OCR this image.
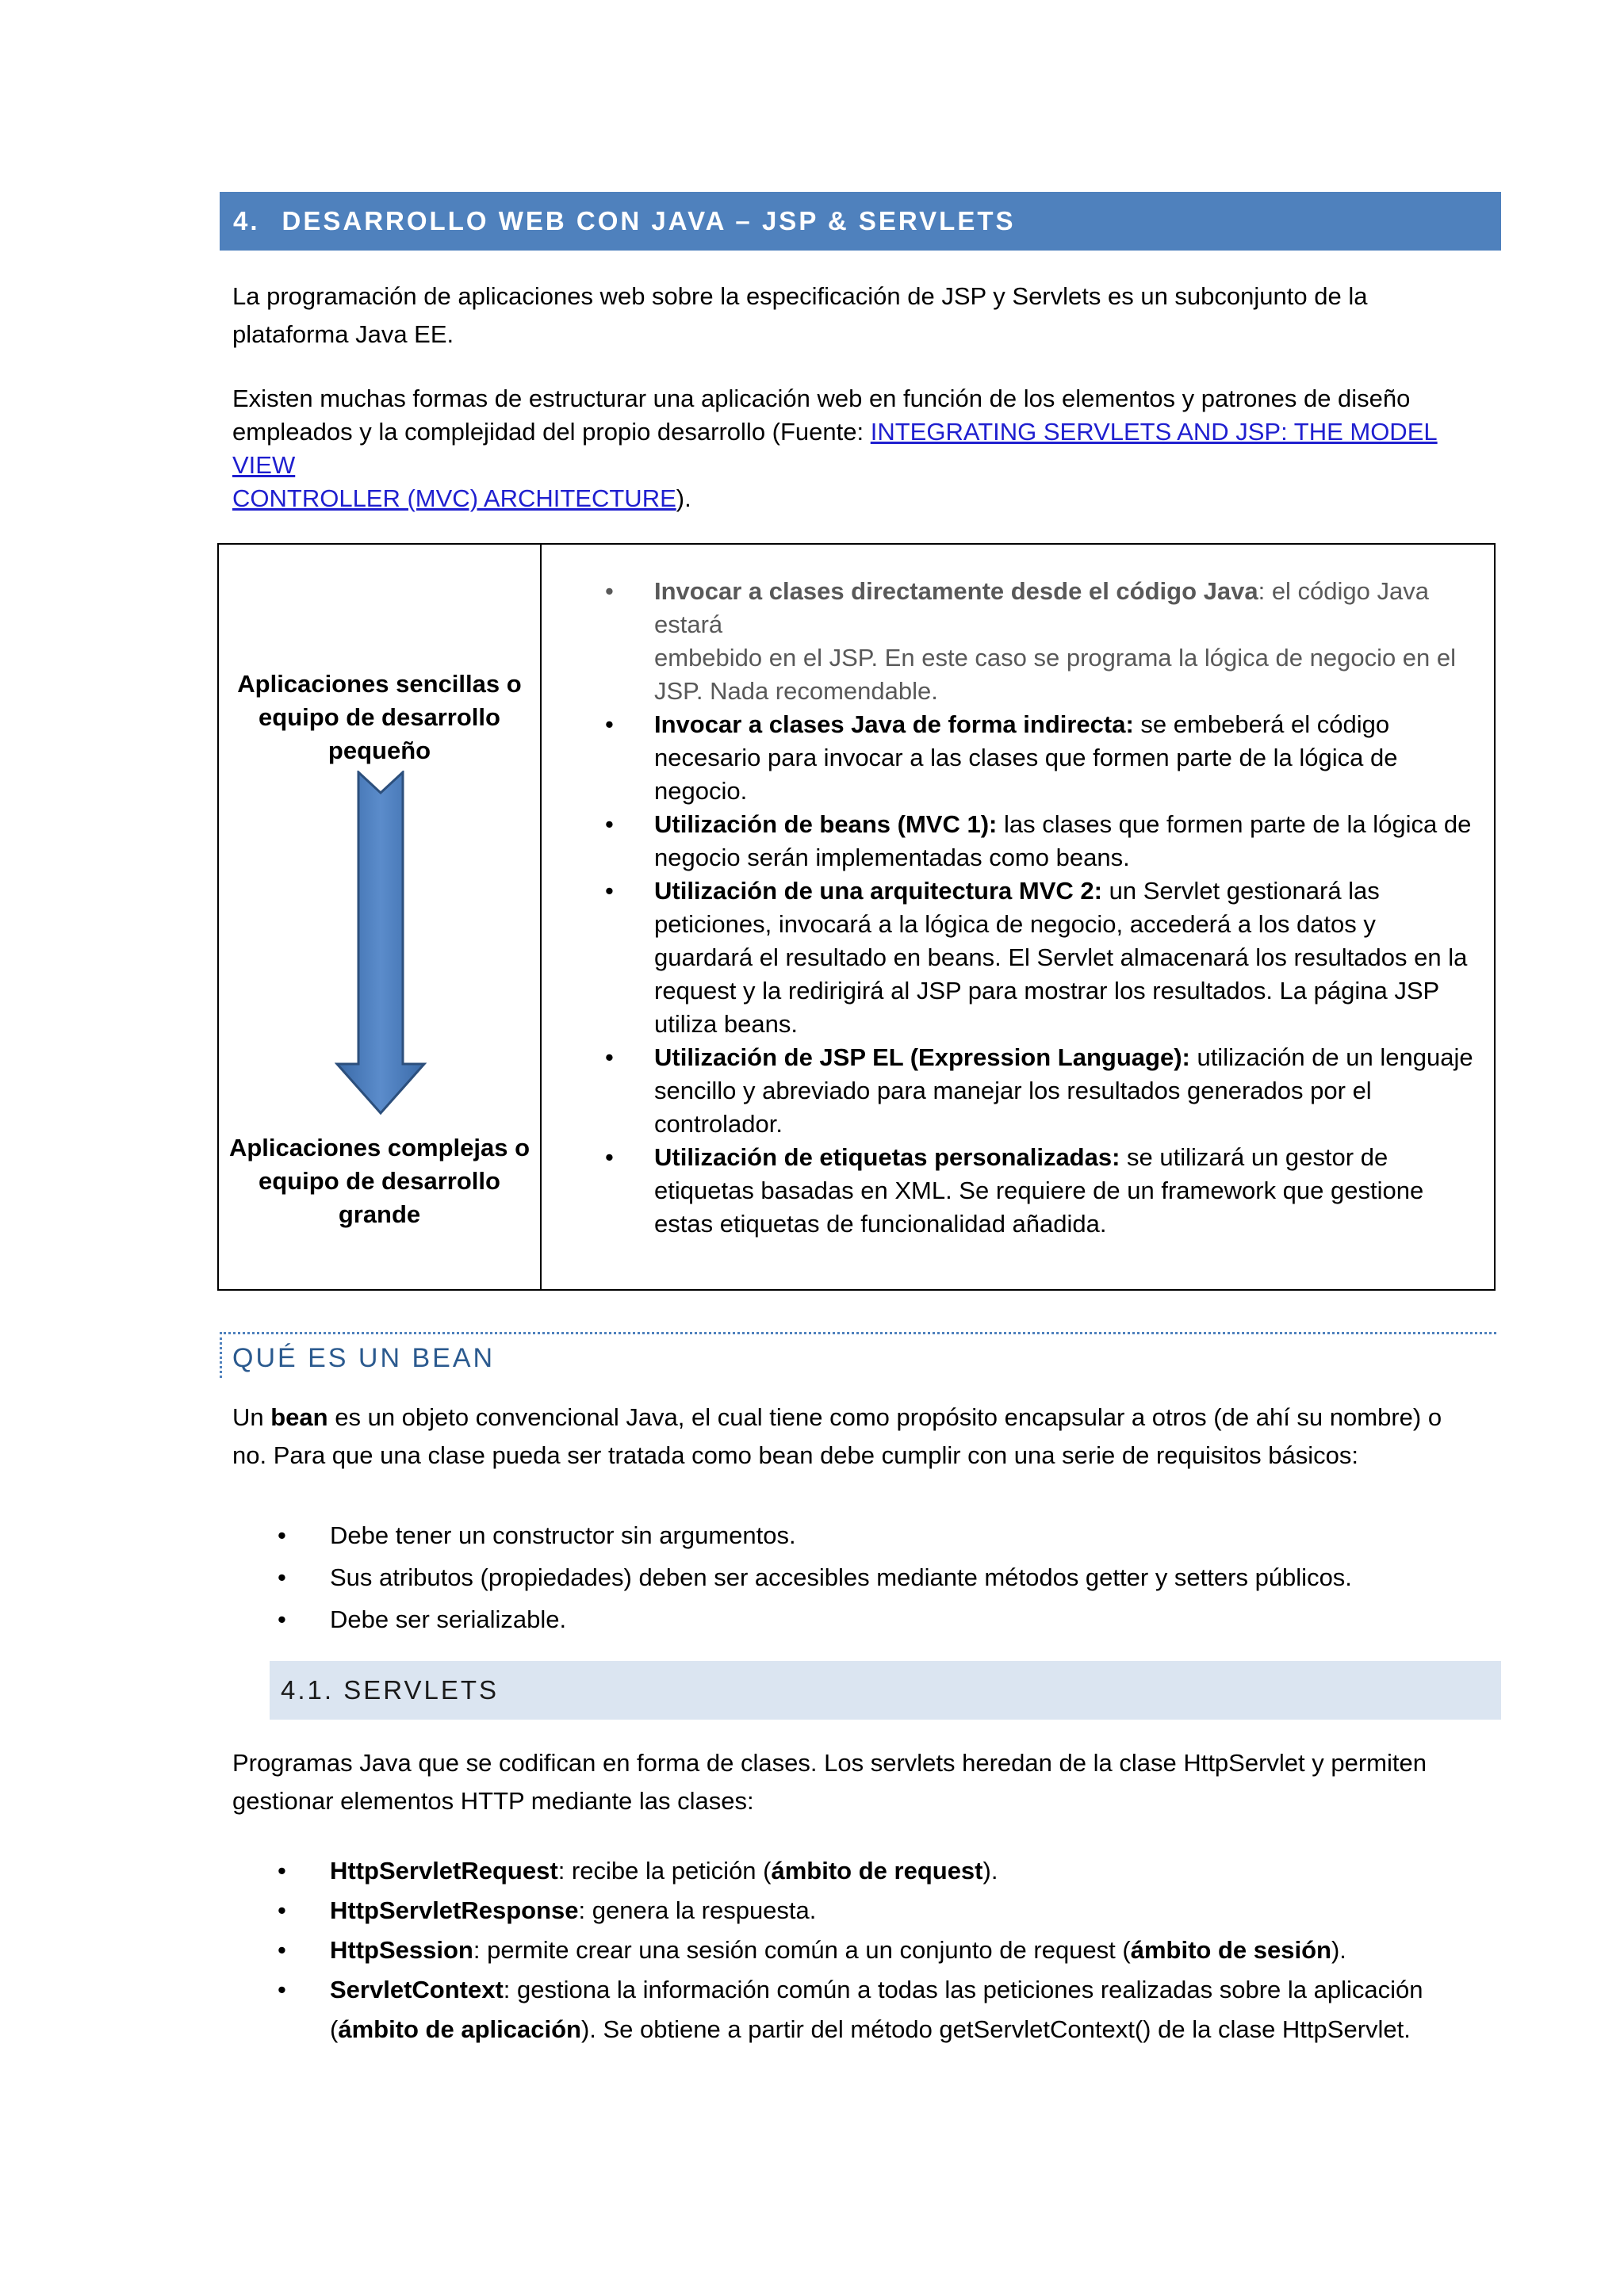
4. DESARROLLO WEB CON JAVA – JSP & SERVLETS
La programación de aplicaciones web sobre la especificación de JSP y Servlets es un subconjunto de la
plataforma Java EE.
Existen muchas formas de estructurar una aplicación web en función de los elementos y patrones de diseño
empleados y la complejidad del propio desarrollo (Fuente: INTEGRATING SERVLETS AND JSP: THE MODEL VIEW
CONTROLLER (MVC) ARCHITECTURE).
Aplicaciones sencillas o
equipo de desarrollo
pequeño
Aplicaciones complejas o
equipo de desarrollo
grande

• Invocar a clases directamente desde el código Java: el código Java estará
embebido en el JSP. En este caso se programa la lógica de negocio en el
JSP. Nada recomendable.
• Invocar a clases Java de forma indirecta: se embeberá el código
necesario para invocar a las clases que formen parte de la lógica de
negocio.
• Utilización de beans (MVC 1): las clases que formen parte de la lógica de
negocio serán implementadas como beans.
• Utilización de una arquitectura MVC 2: un Servlet gestionará las
peticiones, invocará a la lógica de negocio, accederá a los datos y
guardará el resultado en beans. El Servlet almacenará los resultados en la
request y la redirigirá al JSP para mostrar los resultados. La página JSP
utiliza beans.
• Utilización de JSP EL (Expression Language): utilización de un lenguaje
sencillo y abreviado para manejar los resultados generados por el
controlador.
• Utilización de etiquetas personalizadas: se utilizará un gestor de
etiquetas basadas en XML. Se requiere de un framework que gestione
estas etiquetas de funcionalidad añadida.
QUÉ ES UN BEAN
Un bean es un objeto convencional Java, el cual tiene como propósito encapsular a otros (de ahí su nombre) o
no. Para que una clase pueda ser tratada como bean debe cumplir con una serie de requisitos básicos:
• Debe tener un constructor sin argumentos.
• Sus atributos (propiedades) deben ser accesibles mediante métodos getter y setters públicos.
• Debe ser serializable.
4.1.
SERVLETS
Programas Java que se codifican en forma de clases. Los servlets heredan de la clase HttpServlet y permiten
gestionar elementos HTTP mediante las clases:
• HttpServletRequest: recibe la petición (ámbito de request).
• HttpServletResponse: genera la respuesta.
• HttpSession: permite crear una sesión común a un conjunto de request (ámbito de sesión).
• ServletContext: gestiona la información común a todas las peticiones realizadas sobre la aplicación
(ámbito de aplicación). Se obtiene a partir del método getServletContext() de la clase HttpServlet.
